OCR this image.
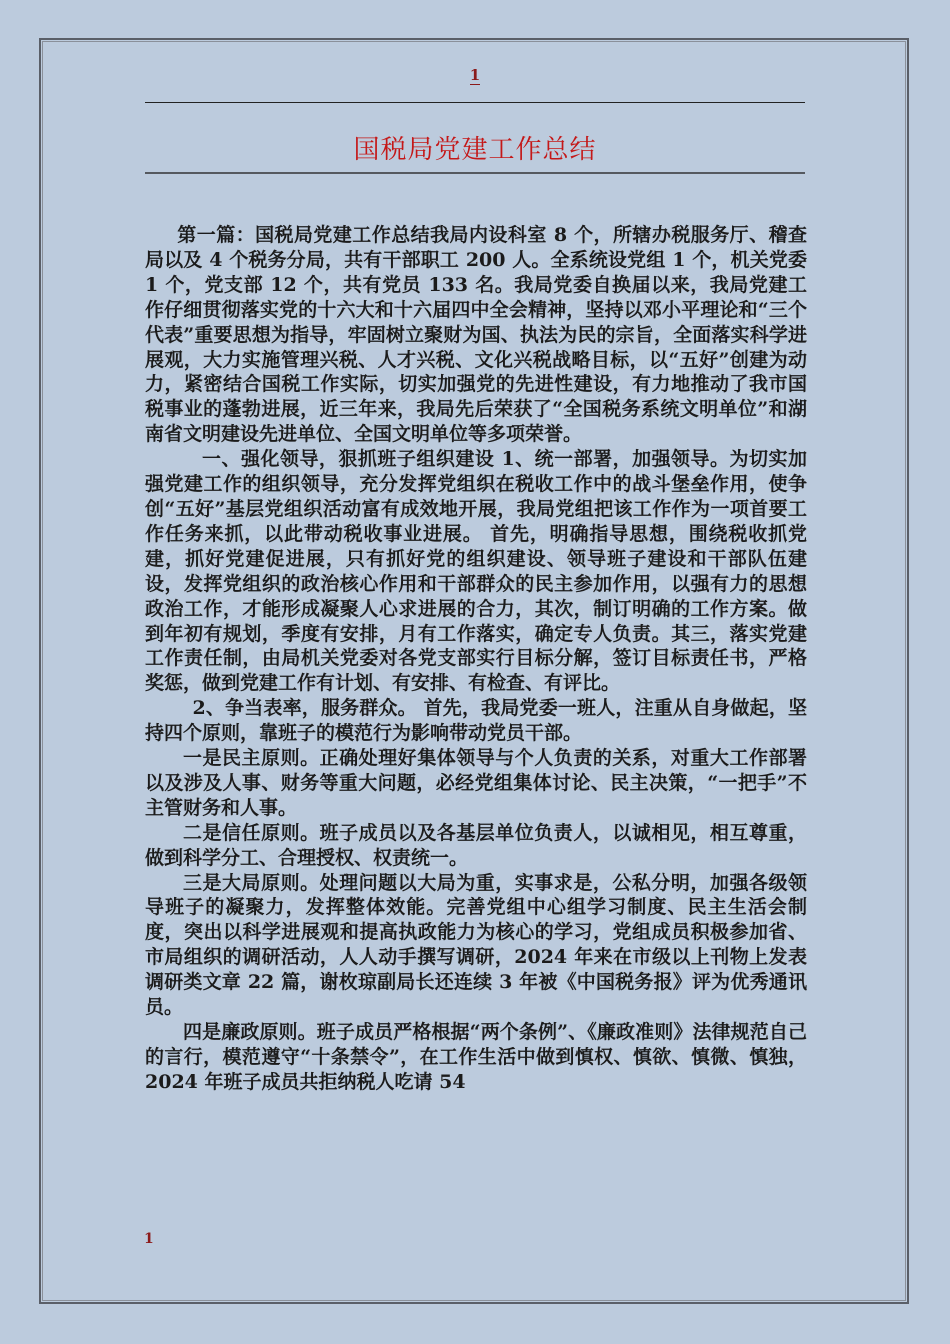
1
国税局党建工作总结

第一篇：国税局党建工作总结我局内设科室 8 个，所辖办税服务厅、稽查局以及 4 个税务分局，共有干部职工 200 人。全系统设党组 1 个，机关党委 1 个，党支部 12 个，共有党员 133 名。我局党委自换届以来，我局党建工作仔细贯彻落实党的十六大和十六届四中全会精神，坚持以邓小平理论和“三个代表”重要思想为指导，牢固树立聚财为国、执法为民的宗旨，全面落实科学进展观，大力实施管理兴税、人才兴税、文化兴税战略目标，以“五好”创建为动力，紧密结合国税工作实际，切实加强党的先进性建设，有力地推动了我市国税事业的蓬勃进展，近三年来，我局先后荣获了“全国税务系统文明单位”和湖南省文明建设先进单位、全国文明单位等多项荣誉。

一、强化领导，狠抓班子组织建设 1、统一部署，加强领导。为切实加强党建工作的组织领导，充分发挥党组织在税收工作中的战斗堡垒作用，使争创“五好”基层党组织活动富有成效地开展，我局党组把该工作作为一项首要工作任务来抓，以此带动税收事业进展。 首先，明确指导思想，围绕税收抓党建，抓好党建促进展，只有抓好党的组织建设、领导班子建设和干部队伍建设，发挥党组织的政治核心作用和干部群众的民主参加作用，以强有力的思想政治工作，才能形成凝聚人心求进展的合力，其次，制订明确的工作方案。做到年初有规划，季度有安排，月有工作落实，确定专人负责。其三，落实党建工作责任制，由局机关党委对各党支部实行目标分解，签订目标责任书，严格奖惩，做到党建工作有计划、有安排、有检查、有评比。

2、争当表率，服务群众。 首先，我局党委一班人，注重从自身做起，坚持四个原则，靠班子的模范行为影响带动党员干部。

一是民主原则。正确处理好集体领导与个人负责的关系，对重大工作部署以及涉及人事、财务等重大问题，必经党组集体讨论、民主决策，“一把手”不主管财务和人事。

二是信任原则。班子成员以及各基层单位负责人，以诚相见，相互尊重，做到科学分工、合理授权、权责统一。

三是大局原则。处理问题以大局为重，实事求是，公私分明，加强各级领导班子的凝聚力，发挥整体效能。完善党组中心组学习制度、民主生活会制度，突出以科学进展观和提高执政能力为核心的学习，党组成员积极参加省、市局组织的调研活动，人人动手撰写调研，2024 年来在市级以上刊物上发表调研类文章 22 篇，谢枚琼副局长还连续 3 年被《中国税务报》评为优秀通讯员。

四是廉政原则。班子成员严格根据“两个条例”、《廉政准则》法律规范自己的言行，模范遵守“十条禁令”，在工作生活中做到慎权、慎欲、慎微、慎独，2024 年班子成员共拒纳税人吃请 54

1
